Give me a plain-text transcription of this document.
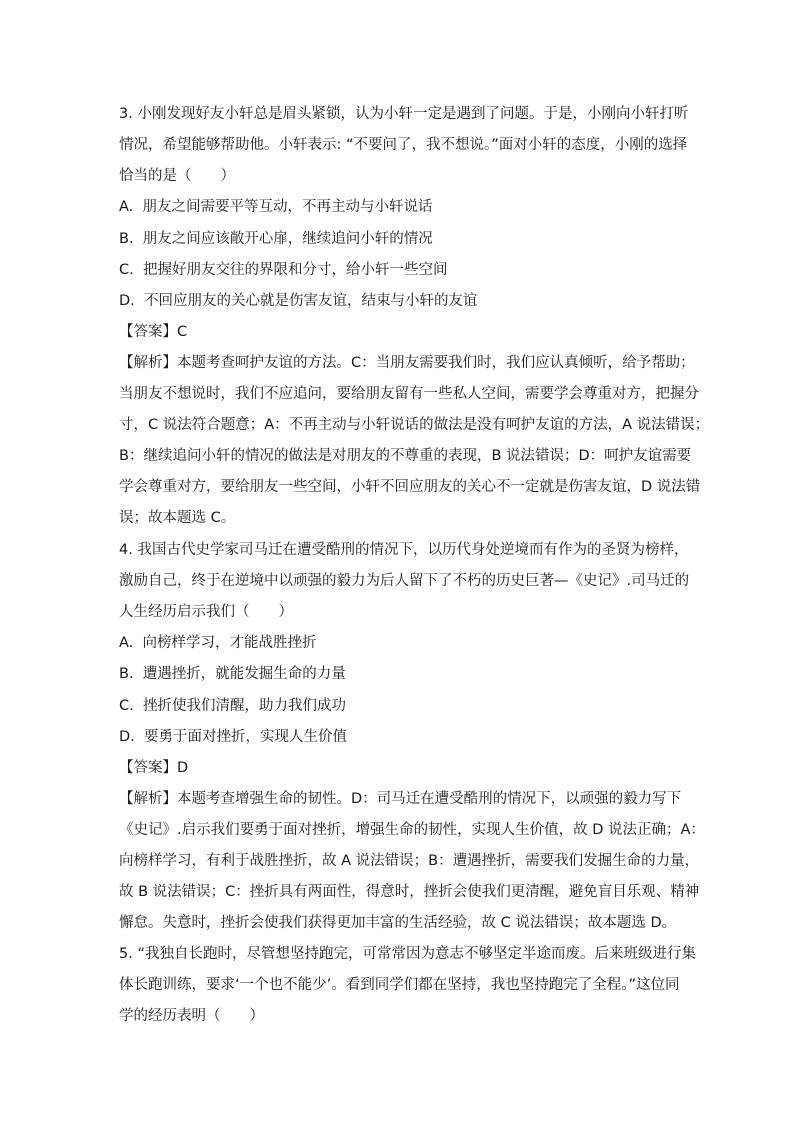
3. 小刚发现好友小轩总是眉头紧锁，认为小轩一定是遇到了问题。于是，小刚向小轩打听
情况，希望能够帮助他。小轩表示: “不要问了，我不想说。”面对小轩的态度，小刚的选择
恰当的是（　　）
A.  朋友之间需要平等互动，不再主动与小轩说话
B.  朋友之间应该敞开心扉，继续追问小轩的情况
C.  把握好朋友交往的界限和分寸，给小轩一些空间
D.  不回应朋友的关心就是伤害友谊，结束与小轩的友谊
【答案】C
【解析】本题考查呵护友谊的方法。C：当朋友需要我们时，我们应认真倾听，给予帮助；
当朋友不想说时，我们不应追问，要给朋友留有一些私人空间，需要学会尊重对方，把握分
寸，C 说法符合题意；A：不再主动与小轩说话的做法是没有呵护友谊的方法，A 说法错误；
B：继续追问小轩的情况的做法是对朋友的不尊重的表现，B 说法错误；D：呵护友谊需要
学会尊重对方，要给朋友一些空间，小轩不回应朋友的关心不一定就是伤害友谊，D 说法错
误；故本题选 C。
4. 我国古代史学家司马迁在遭受酷刑的情况下，以历代身处逆境而有作为的圣贤为榜样，
激励自己，终于在逆境中以顽强的毅力为后人留下了不朽的历史巨著—《史记》.司马迁的
人生经历启示我们（　　）
A.  向榜样学习，才能战胜挫折
B.  遭遇挫折，就能发掘生命的力量
C.  挫折使我们清醒，助力我们成功
D.  要勇于面对挫折，实现人生价值
【答案】D
【解析】本题考查增强生命的韧性。D：司马迁在遭受酷刑的情况下，以顽强的毅力写下
《史记》.启示我们要勇于面对挫折，增强生命的韧性，实现人生价值，故 D 说法正确；A：
向榜样学习，有利于战胜挫折，故 A 说法错误；B：遭遇挫折，需要我们发掘生命的力量，
故 B 说法错误；C：挫折具有两面性，得意时，挫折会使我们更清醒，避免盲目乐观、精神
懈怠。失意时，挫折会使我们获得更加丰富的生活经验，故 C 说法错误；故本题选 D。
5. “我独自长跑时，尽管想坚持跑完，可常常因为意志不够坚定半途而废。后来班级进行集
体长跑训练，要求‘一个也不能少’。看到同学们都在坚持，我也坚持跑完了全程。”这位同
学的经历表明（　　）
